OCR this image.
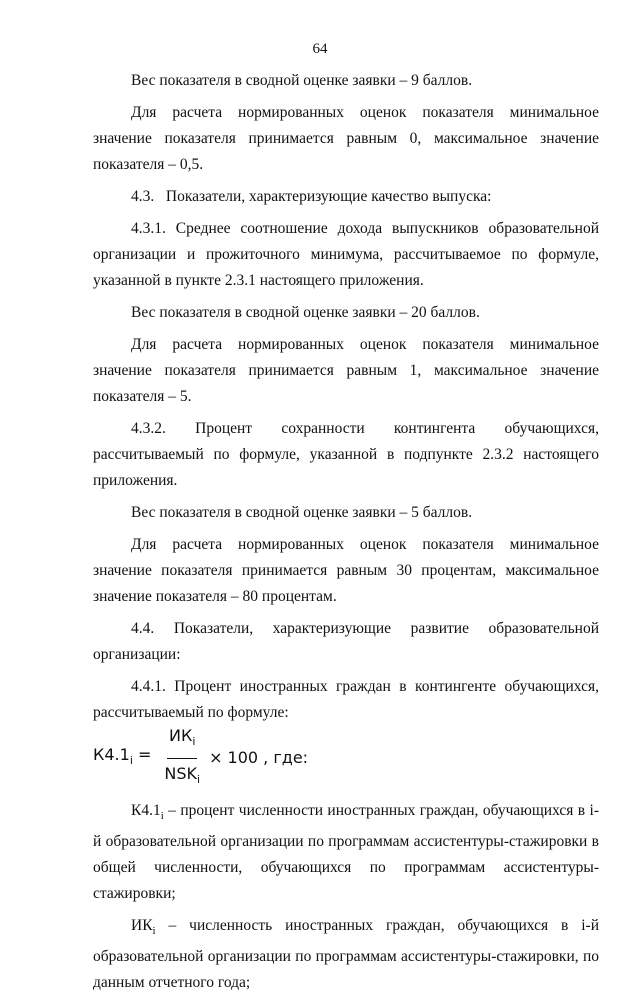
64

Вес показателя в сводной оценке заявки – 9 баллов.

Для расчета нормированных оценок показателя минимальное значение показателя принимается равным 0, максимальное значение показателя – 0,5.

4.3.   Показатели, характеризующие качество выпуска:

4.3.1. Среднее соотношение дохода выпускников образовательной организации и прожиточного минимума, рассчитываемое по формуле, указанной в пункте 2.3.1 настоящего приложения.

Вес показателя в сводной оценке заявки – 20 баллов.

Для расчета нормированных оценок показателя минимальное значение показателя принимается равным 1, максимальное значение показателя – 5.

4.3.2. Процент сохранности контингента обучающихся, рассчитываемый по формуле, указанной в подпункте 2.3.2 настоящего приложения.

Вес показателя в сводной оценке заявки – 5 баллов.

Для расчета нормированных оценок показателя минимальное значение показателя принимается равным 30 процентам, максимальное значение показателя – 80 процентам.

4.4. Показатели, характеризующие развитие образовательной организации:

4.4.1. Процент иностранных граждан в контингенте обучающихся, рассчитываемый по формуле:

$К4.1_i = \frac{ИК_i}{NSK_i} \times 100$ , где:

$К4.1_i$ – процент численности иностранных граждан, обучающихся в i-й образовательной организации по программам ассистентуры-стажировки в общей численности, обучающихся по программам ассистентуры-стажировки;

$ИК_i$ – численность иностранных граждан, обучающихся в i-й образовательной организации по программам ассистентуры-стажировки, по данным отчетного года;
